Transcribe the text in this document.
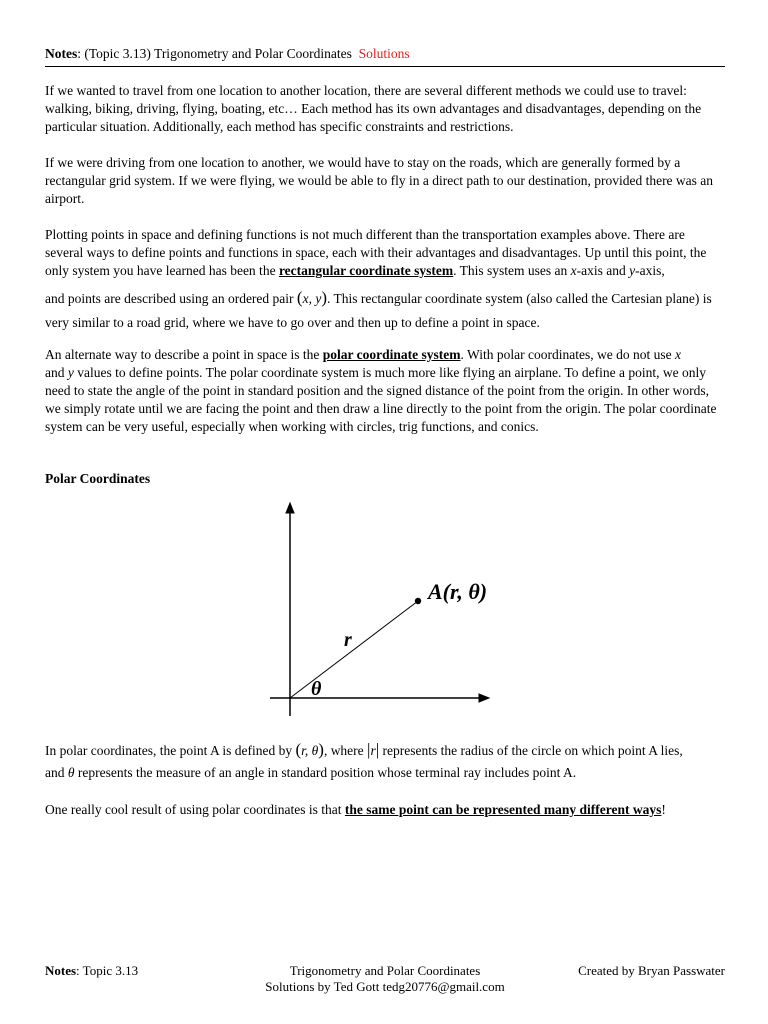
Notes: (Topic 3.13) Trigonometry and Polar Coordinates Solutions
If we wanted to travel from one location to another location, there are several different methods we could use to travel: walking, biking, driving, flying, boating, etc… Each method has its own advantages and disadvantages, depending on the particular situation. Additionally, each method has specific constraints and restrictions.
If we were driving from one location to another, we would have to stay on the roads, which are generally formed by a rectangular grid system. If we were flying, we would be able to fly in a direct path to our destination, provided there was an airport.
Plotting points in space and defining functions is not much different than the transportation examples above. There are several ways to define points and functions in space, each with their advantages and disadvantages. Up until this point, the only system you have learned has been the rectangular coordinate system. This system uses an x-axis and y-axis,
and points are described using an ordered pair (x, y). This rectangular coordinate system (also called the Cartesian plane) is very similar to a road grid, where we have to go over and then up to define a point in space.
An alternate way to describe a point in space is the polar coordinate system. With polar coordinates, we do not use x
and y values to define points. The polar coordinate system is much more like flying an airplane. To define a point, we only need to state the angle of the point in standard position and the signed distance of the point from the origin. In other words, we simply rotate until we are facing the point and then draw a line directly to the point from the origin. The polar coordinate system can be very useful, especially when working with circles, trig functions, and conics.
Polar Coordinates
A(r, θ)
r
θ
In polar coordinates, the point A is defined by (r, θ), where |r| represents the radius of the circle on which point A lies,
and θ represents the measure of an angle in standard position whose terminal ray includes point A.
One really cool result of using polar coordinates is that the same point can be represented many different ways!
Notes: Topic 3.13	Trigonometry and Polar Coordinates
Solutions by Ted Gott tedg20776@gmail.com
Created by Bryan Passwater
